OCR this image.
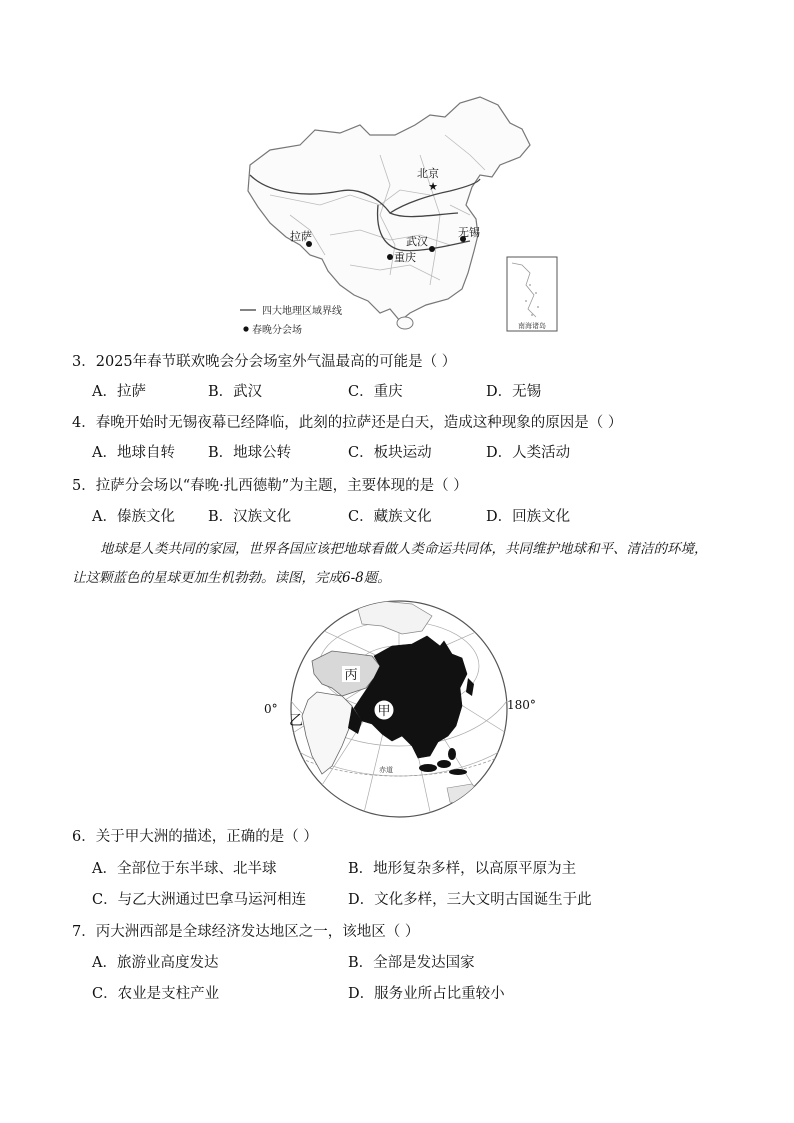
南海诸岛
★
北京
拉萨	武汉
无锡
重庆
四大地理区域界线
春晚分会场
3．2025年春节联欢晚会分会场室外气温最高的可能是（ ）
A．拉萨	B．武汉	C．重庆	D．无锡
4．春晚开始时无锡夜幕已经降临，此刻的拉萨还是白天，造成这种现象的原因是（ ）
A．地球自转 B．地球公转	C．板块运动	D．人类活动
5．拉萨分会场以“春晚·扎西德勒”为主题，主要体现的是（ ）
A．傣族文化 B．汉族文化	C．藏族文化	D．回族文化
地球是人类共同的家园，世界各国应该把地球看做人类命运共同体，共同维护地球和平、清洁的环境，
让这颗蓝色的星球更加生机勃勃。读图，完成6-8题。
丙
甲
乙
赤道
0°	180°
6．关于甲大洲的描述，正确的是（ ）
A．全部位于东半球、北半球	B．地形复杂多样，以高原平原为主
C．与乙大洲通过巴拿马运河相连	D．文化多样，三大文明古国诞生于此
7．丙大洲西部是全球经济发达地区之一，该地区（ ）
A．旅游业高度发达	B．全部是发达国家
C．农业是支柱产业	D．服务业所占比重较小
